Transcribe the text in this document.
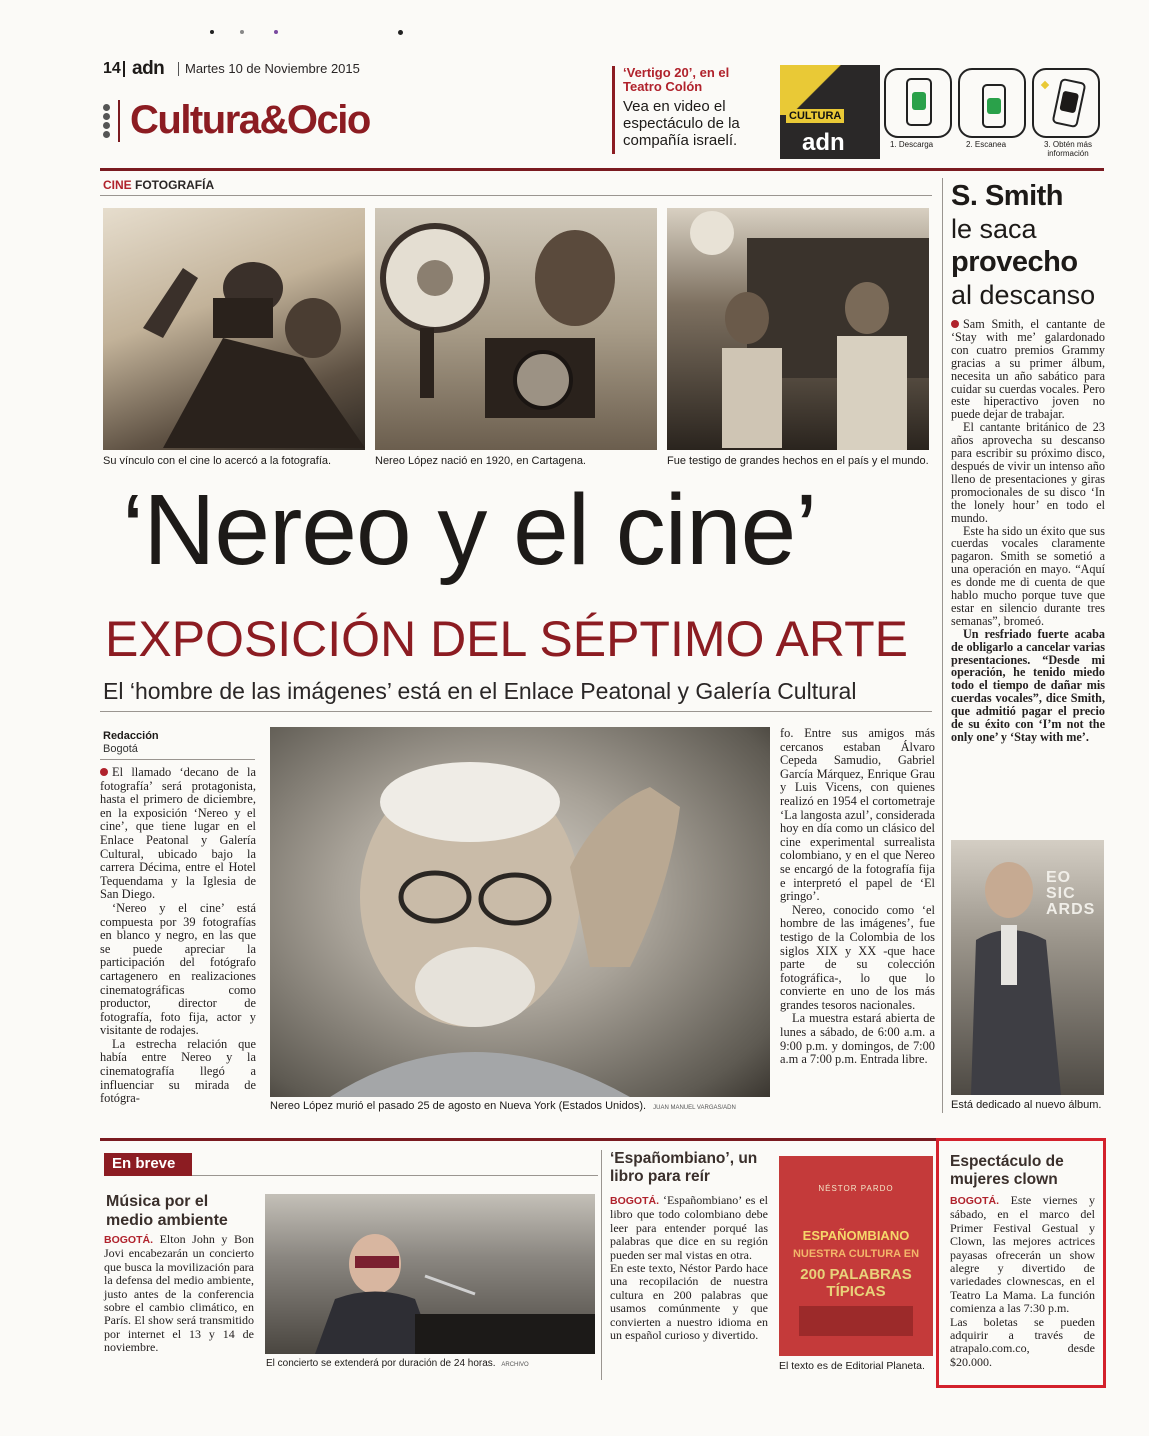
14 adn Martes 10 de Noviembre 2015
Cultura&Ocio
‘Vertigo 20’, en el Teatro Colón
Vea en video el espectáculo de la compañía israelí.
CULTURA
adn	1. Descarga	2. Escanea	3. Obtén más información
CINE FOTOGRAFÍA
Su vínculo con el cine lo acercó a la fotografía.	Nereo López nació en 1920, en Cartagena.	Fue testigo de grandes hechos en el país y el mundo.
‘Nereo y el cine’
EXPOSICIÓN DEL SÉPTIMO ARTE
El ‘hombre de las imágenes’ está en el Enlace Peatonal y Galería Cultural
Redacción
Bogotá

El llamado ‘decano de la fotografía’ será protagonista, hasta el primero de diciembre, en la exposición ‘Nereo y el cine’, que tiene lugar en el Enlace Peatonal y Galería Cultural, ubicado bajo la carrera Décima, entre el Hotel Tequendama y la Iglesia de San Diego.

‘Nereo y el cine’ está compuesta por 39 fotografías en blanco y negro, en las que se puede apreciar la participación del fotógrafo cartagenero en realizaciones cinematográficas como productor, director de fotografía, foto fija, actor y visitante de rodajes.

La estrecha relación que había entre Nereo y la cinematografía llegó a influenciar su mirada de fotógra-

Nereo López murió el pasado 25 de agosto en Nueva York (Estados Unidos). JUAN MANUEL VARGAS/ADN

fo. Entre sus amigos más cercanos estaban Álvaro Cepeda Samudio, Gabriel García Márquez, Enrique Grau y Luis Vicens, con quienes realizó en 1954 el cortometraje ‘La langosta azul’, considerada hoy en día como un clásico del cine experimental surrealista colombiano, y en el que Nereo se encargó de la fotografía fija e interpretó el papel de ‘El gringo’.

Nereo, conocido como ‘el hombre de las imágenes’, fue testigo de la Colombia de los siglos XIX y XX -que hace parte de su colección fotográfica-, lo que lo convierte en uno de los más grandes tesoros nacionales.

La muestra estará abierta de lunes a sábado, de 6:00 a.m. a 9:00 p.m. y domingos, de 7:00 a.m a 7:00 p.m. Entrada libre.

S. Smith
le saca
provecho
al descanso

Sam Smith, el cantante de ‘Stay with me’ galardonado con cuatro premios Grammy gracias a su primer álbum, necesita un año sabático para cuidar su cuerdas vocales. Pero este hiperactivo joven no puede dejar de trabajar.

El cantante británico de 23 años aprovecha su descanso para escribir su próximo disco, después de vivir un intenso año lleno de presentaciones y giras promocionales de su disco ‘In the lonely hour’ en todo el mundo.

Este ha sido un éxito que sus cuerdas vocales claramente pagaron. Smith se sometió a una operación en mayo. “Aquí es donde me di cuenta de que hablo mucho porque tuve que estar en silencio durante tres semanas”, bromeó.

Un resfriado fuerte acaba de obligarlo a cancelar varias presentaciones. “Desde mi operación, he tenido miedo todo el tiempo de dañar mis cuerdas vocales”, dice Smith, que admitió pagar el precio de su éxito con ‘I’m not the only one’ y ‘Stay with me’.

EO
SIC
ARDS
Está dedicado al nuevo álbum.
En breve
Música por el medio ambiente

BOGOTÁ. Elton John y Bon Jovi encabezarán un concierto que busca la movilización para la defensa del medio ambiente, justo antes de la conferencia sobre el cambio climático, en París. El show será transmitido por internet el 13 y 14 de noviembre.

El concierto se extenderá por duración de 24 horas. ARCHIVO
‘Españombiano’, un libro para reír

BOGOTÁ. ‘Españombiano’ es el libro que todo colombiano debe leer para entender porqué las palabras que dice en su región pueden ser mal vistas en otra.

En este texto, Néstor Pardo hace una recopilación de nuestra cultura en 200 palabras que usamos comúnmente y que convierten a nuestro idioma en un español curioso y divertido.

NÉSTOR PARDO
ESPAÑOMBIANO
NUESTRA CULTURA EN
200 PALABRAS TÍPICAS
El texto es de Editorial Planeta.
Espectáculo de mujeres clown

BOGOTÁ. Este viernes y sábado, en el marco del Primer Festival Gestual y Clown, las mejores actrices payasas ofrecerán un show alegre y divertido de variedades clownescas, en el Teatro La Mama. La función comienza a las 7:30 p.m.

Las boletas se pueden adquirir a través de atrapalo.com.co, desde $20.000.
